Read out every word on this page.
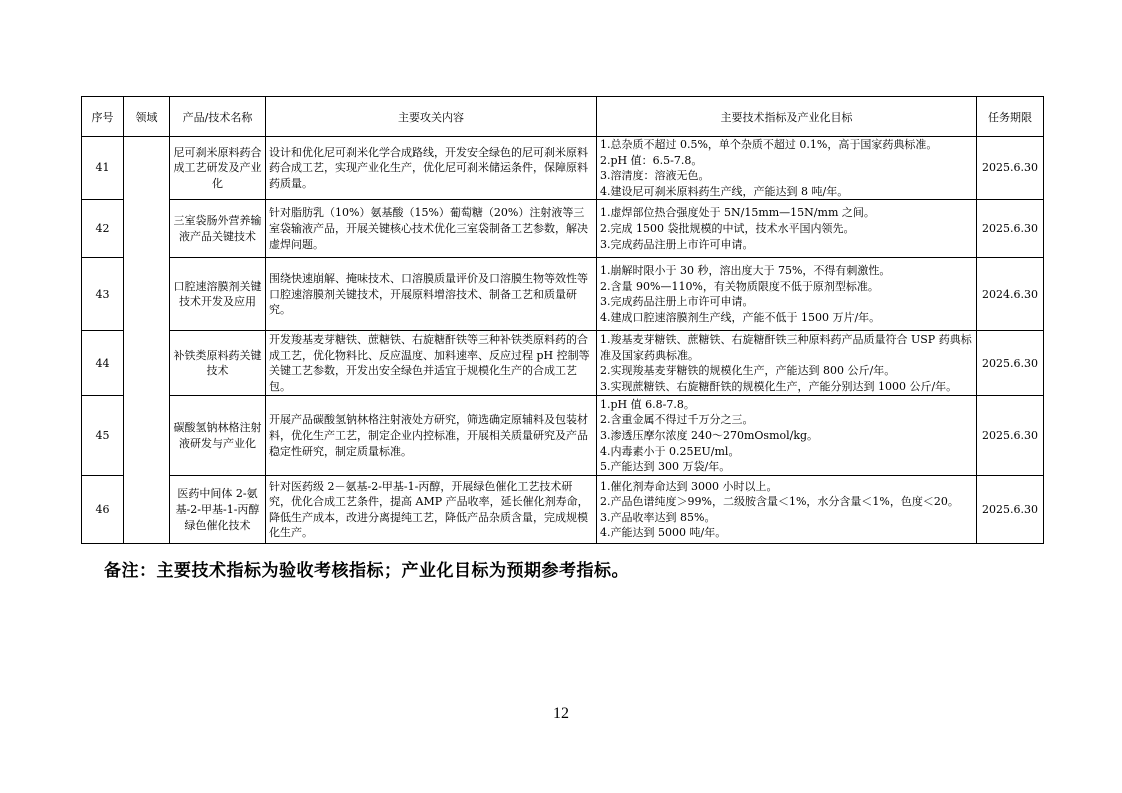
序号	领域	产品/技术名称	主要攻关内容	主要技术指标及产业化目标	任务期限
41		尼可刹米原料药合成工艺研发及产业化	设计和优化尼可刹米化学合成路线，开发安全绿色的尼可刹米原料药合成工艺，实现产业化生产，优化尼可刹米储运条件，保障原料药质量。	1.总杂质不超过 0.5%，单个杂质不超过 0.1%，高于国家药典标准。
2.pH 值：6.5-7.8。
3.溶清度：溶液无色。
4.建设尼可刹米原料药生产线，产能达到 8 吨/年。	2025.6.30
42		三室袋肠外营养输液产品关键技术	针对脂肪乳（10%）氨基酸（15%）葡萄糖（20%）注射液等三室袋输液产品，开展关键核心技术优化三室袋制备工艺参数，解决虚焊问题。	1.虚焊部位热合强度处于 5N/15mm—15N/mm 之间。
2.完成 1500 袋批规模的中试，技术水平国内领先。
3.完成药品注册上市许可申请。	2025.6.30
43		口腔速溶膜剂关键技术开发及应用	围绕快速崩解、掩味技术、口溶膜质量评价及口溶膜生物等效性等口腔速溶膜剂关键技术，开展原料增溶技术、制备工艺和质量研究。	1.崩解时限小于 30 秒，溶出度大于 75%，不得有刺激性。
2.含量 90%—110%，有关物质限度不低于原剂型标准。
3.完成药品注册上市许可申请。
4.建成口腔速溶膜剂生产线，产能不低于 1500 万片/年。	2024.6.30
44		补铁类原料药关键技术	开发羧基麦芽糖铁、蔗糖铁、右旋糖酐铁等三种补铁类原料药的合成工艺，优化物料比、反应温度、加料速率、反应过程 pH 控制等关键工艺参数，开发出安全绿色并适宜于规模化生产的合成工艺包。	1.羧基麦芽糖铁、蔗糖铁、右旋糖酐铁三种原料药产品质量符合 USP 药典标准及国家药典标准。
2.实现羧基麦芽糖铁的规模化生产，产能达到 800 公斤/年。
3.实现蔗糖铁、右旋糖酐铁的规模化生产，产能分别达到 1000 公斤/年。	2025.6.30
45		碳酸氢钠林格注射液研发与产业化	开展产品碳酸氢钠林格注射液处方研究，筛选确定原辅料及包装材料，优化生产工艺，制定企业内控标准，开展相关质量研究及产品稳定性研究，制定质量标准。	1.pH 值 6.8-7.8。
2.含重金属不得过千万分之三。
3.渗透压摩尔浓度 240～270mOsmol/kg。
4.内毒素小于 0.25EU/ml。
5.产能达到 300 万袋/年。	2025.6.30
46		医药中间体 2-氨基-2-甲基-1-丙醇绿色催化技术	针对医药级 2－氨基-2-甲基-1-丙醇，开展绿色催化工艺技术研究，优化合成工艺条件，提高 AMP 产品收率，延长催化剂寿命，降低生产成本，改进分离提纯工艺，降低产品杂质含量，完成规模化生产。	1.催化剂寿命达到 3000 小时以上。
2.产品色谱纯度＞99%，二级胺含量＜1%，水分含量＜1%，色度＜20。
3.产品收率达到 85%。
4.产能达到 5000 吨/年。	2025.6.30
备注：主要技术指标为验收考核指标；产业化目标为预期参考指标。
12
